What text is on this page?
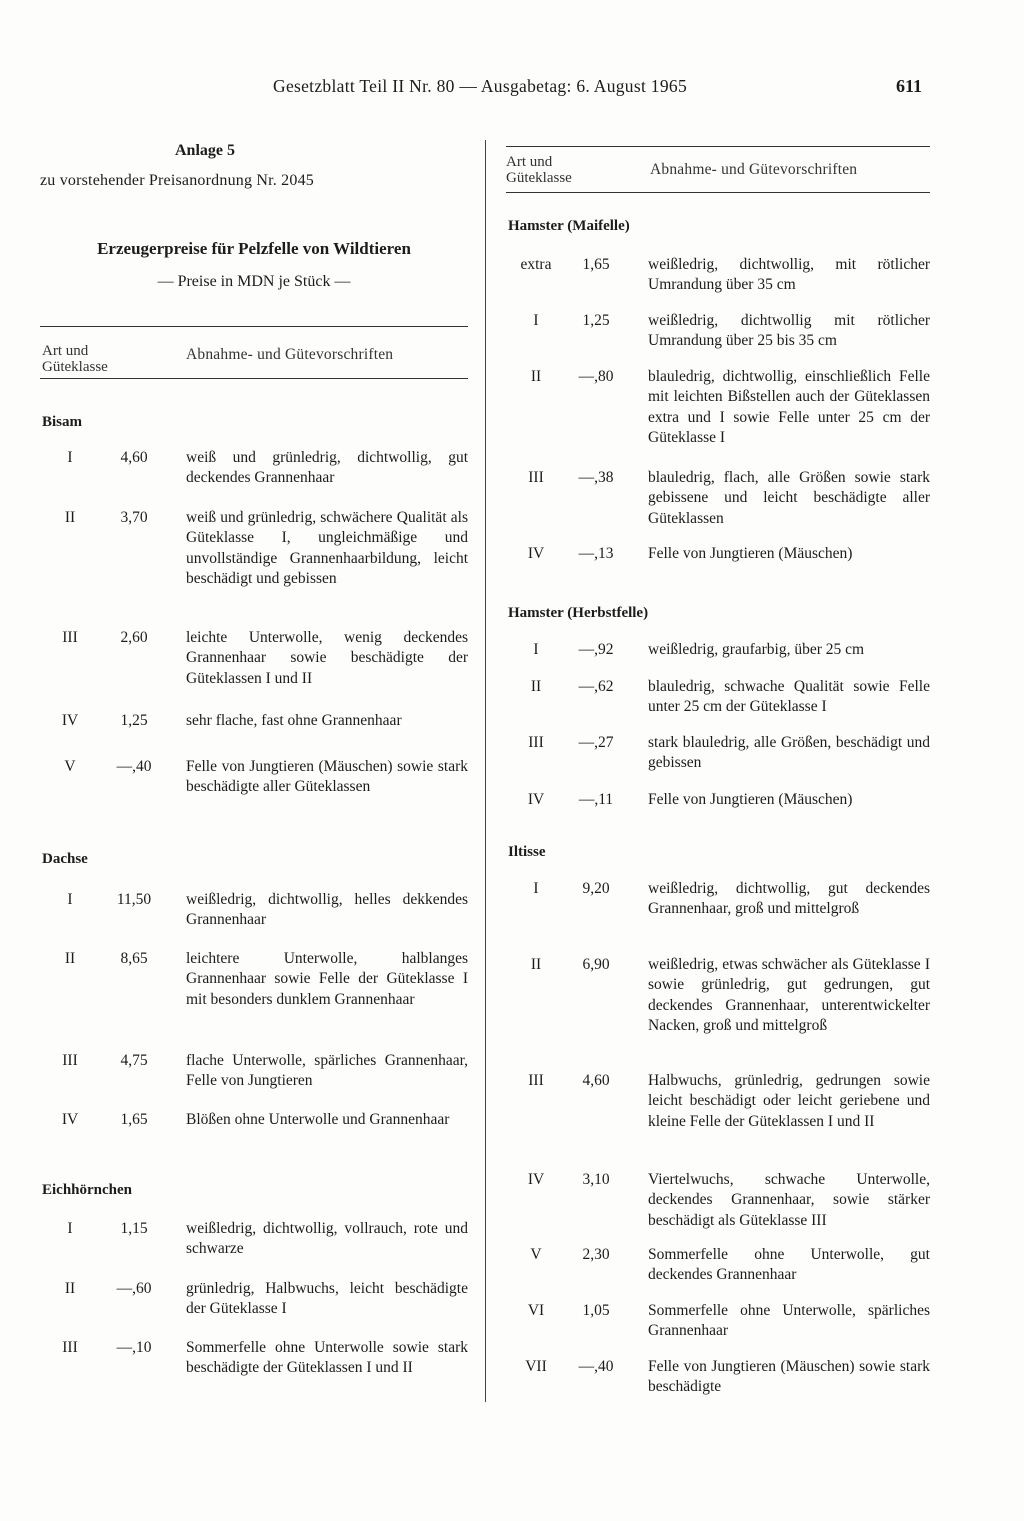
Gesetzblatt Teil II Nr. 80 — Ausgabetag: 6. August 1965	611
Anlage 5
zu vorstehender Preisanordnung Nr. 2045
Erzeugerpreise für Pelzfelle von Wildtieren
— Preise in MDN je Stück —
Art und
Güteklasse
Abnahme- und Gütevorschriften
Art und
Güteklasse	Abnahme- und Gütevorschriften
Bisam
I	4,60	weiß und grünledrig, dichtwollig, gut deckendes Grannenhaar
II	3,70	weiß und grünledrig, schwächere Qualität als Güteklasse I, ungleichmäßige und unvollständige Grannenhaarbildung, leicht beschädigt und gebissen
III	2,60	leichte Unterwolle, wenig deckendes Grannenhaar sowie beschädigte der Güteklassen I und II
IV	1,25	sehr flache, fast ohne Grannenhaar
V	—,40	Felle von Jungtieren (Mäuschen) sowie stark beschädigte aller Güteklassen
Dachse
I	11,50	weißledrig, dichtwollig, helles dekkendes Grannenhaar
II	8,65	leichtere Unterwolle, halblanges Grannenhaar sowie Felle der Güteklasse I mit besonders dunklem Grannenhaar
III	4,75	flache Unterwolle, spärliches Grannenhaar, Felle von Jungtieren
IV	1,65	Blößen ohne Unterwolle und Grannenhaar
Eichhörnchen
I	1,15	weißledrig, dichtwollig, vollrauch, rote und schwarze
II	—,60	grünledrig, Halbwuchs, leicht beschädigte der Güteklasse I
III	—,10	Sommerfelle ohne Unterwolle sowie stark beschädigte der Güteklassen I und II
Hamster (Maifelle)
extra	1,65	weißledrig, dichtwollig, mit rötlicher Umrandung über 35 cm
I	1,25	weißledrig, dichtwollig mit rötlicher Umrandung über 25 bis 35 cm
II	—,80	blauledrig, dichtwollig, einschließlich Felle mit leichten Bißstellen auch der Güteklassen extra und I sowie Felle unter 25 cm der Güteklasse I
III	—,38	blauledrig, flach, alle Größen sowie stark gebissene und leicht beschädigte aller Güteklassen
IV	—,13	Felle von Jungtieren (Mäuschen)
Hamster (Herbstfelle)
I	—,92	weißledrig, graufarbig, über 25 cm
II	—,62	blauledrig, schwache Qualität sowie Felle unter 25 cm der Güteklasse I
III	—,27	stark blauledrig, alle Größen, beschädigt und gebissen
IV	—,11	Felle von Jungtieren (Mäuschen)
Iltisse
I	9,20	weißledrig, dichtwollig, gut deckendes Grannenhaar, groß und mittelgroß
II	6,90	weißledrig, etwas schwächer als Güteklasse I sowie grünledrig, gut gedrungen, gut deckendes Grannenhaar, unterentwickelter Nacken, groß und mittelgroß
III	4,60	Halbwuchs, grünledrig, gedrungen sowie leicht beschädigt oder leicht geriebene und kleine Felle der Güteklassen I und II
IV	3,10	Viertelwuchs, schwache Unterwolle, deckendes Grannenhaar, sowie stärker beschädigt als Güteklasse III
V	2,30	Sommerfelle ohne Unterwolle, gut deckendes Grannenhaar
VI	1,05	Sommerfelle ohne Unterwolle, spärliches Grannenhaar
VII	—,40	Felle von Jungtieren (Mäuschen) sowie stark beschädigte
